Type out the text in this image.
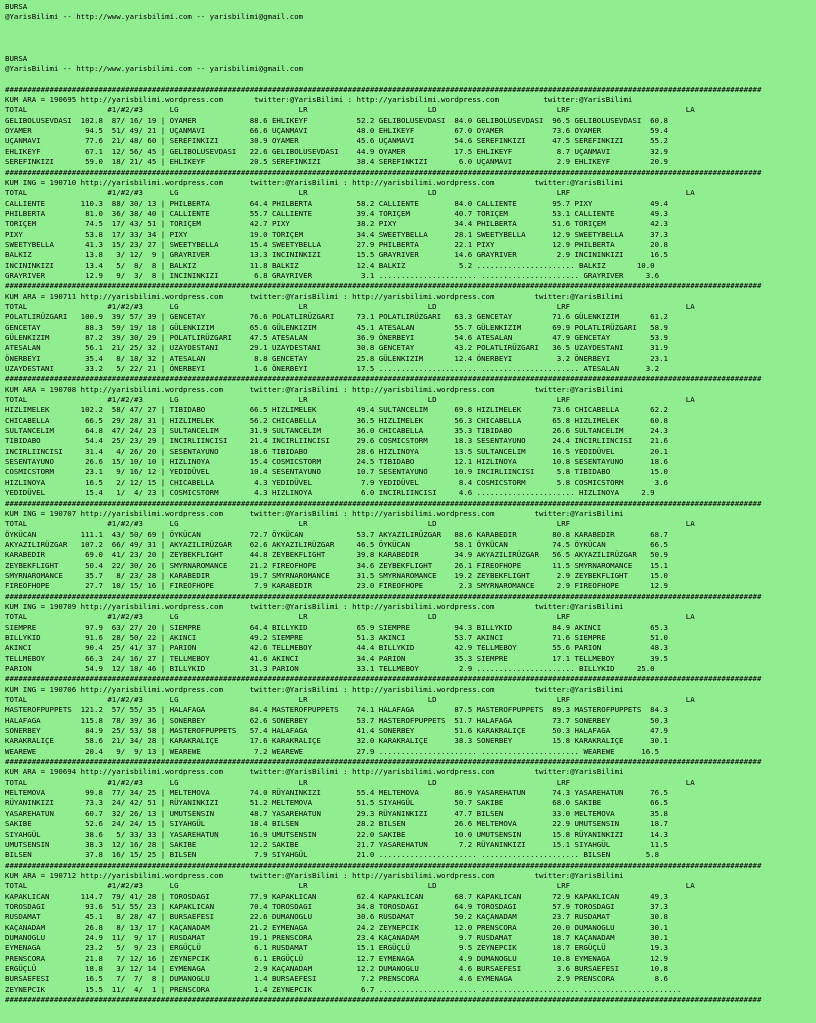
BURSA
@YarisBilimi -- http://www.yarisbilimi.com -- yarisbilimi@gmail.com
BURSA
@YarisBilimi -- http://www.yarisbilimi.com -- yarisbilimi@gmail.com
##########################################################################################################################################################################
KUM ARA = 190695 http://yarisbilimi.wordpress.com       twitter:@YarisBilimi : http://yarisbilimi.wordpress.com          twitter:@YarisBilimi
TOTAL                  #1/#2/#3      LG                           LR                           LD                           LRF                          LA
GELIBOLUSEVDASI  102.8  87/ 16/ 19 | OYAMER            88.6 EHLIKEYF           52.2 GELIBOLUSEVDASI  84.0 GELIBOLUSEVDASI  96.5 GELIBOLUSEVDASI  60.8
OYAMER            94.5  51/ 49/ 21 | UÇANMAVI          66.6 UÇANMAVI           48.0 EHLIKEYF         67.0 OYAMER           73.6 OYAMER           59.4
UÇANMAVI          77.6  21/ 48/ 60 | SEREFINKIZI       30.9 OYAMER             45.6 UÇANMAVI         54.6 SEREFINKIZI      47.5 SEREFINKIZI      55.2
EHLIKEYF          67.1  12/ 56/ 45 | GELIBOLUSEVDASI   22.6 GELIBOLUSEVDASI    44.9 OYAMER           17.5 EHLIKEYF          8.7 UÇANMAVI         32.9
SEREFINKIZI       59.0  18/ 21/ 45 | EHLIKEYF          20.5 SEREFINKIZI        38.4 SEREFINKIZI       6.0 UÇANMAVI          2.9 EHLIKEYF         20.9
##########################################################################################################################################################################
KUM ING = 190710 http://yarisbilimi.wordpress.com      twitter:@YarisBilimi : http://yarisbilimi.wordpress.com         twitter:@YarisBilimi
TOTAL                  #1/#2/#3      LG                           LR                           LD                           LRF                          LA
CALLIENTE        110.3  88/ 30/ 13 | PHILBERTA         64.4 PHILBERTA          58.2 CALLIENTE        84.0 CALLIENTE        95.7 PIXY             49.4
PHILBERTA         81.0  36/ 38/ 40 | CALLIENTE         55.7 CALLIENTE          39.4 TORIÇEM          40.7 TORIÇEM          53.1 CALLIENTE        49.3
TORIÇEM           74.5  17/ 43/ 51 | TORIÇEM           42.7 PIXY               38.2 PIXY             34.4 PHILBERTA        51.6 TORIÇEM          42.3
PIXY              53.8  17/ 33/ 34 | PIXY              19.0 TORIÇEM            34.4 SWEETYBELLA      28.1 SWEETYBELLA      12.9 SWEETYBELLA      37.3
SWEETYBELLA       41.3  15/ 23/ 27 | SWEETYBELLA       15.4 SWEETYBELLA        27.9 PHILBERTA        22.1 PIXY             12.9 PHILBERTA        20.8
BALKIZ            13.8   3/ 12/  9 | GRAYRIVER         13.3 INCININKIZI        15.5 GRAYRIVER        14.6 GRAYRIVER         2.9 INCININKIZI      16.5
INCININKIZI       13.4   5/  8/  8 | BALKIZ            11.8 BALKIZ             12.4 BALKIZ            5.2 ...................... BALKIZ       10.0
GRAYRIVER         12.9   9/  3/  8 | INCININKIZI        6.8 GRAYRIVER           3.1 ...................... ...................... GRAYRIVER     3.6
##########################################################################################################################################################################
KUM ARA = 190711 http://yarisbilimi.wordpress.com      twitter:@YarisBilimi : http://yarisbilimi.wordpress.com         twitter:@YarisBilimi
TOTAL                  #1/#2/#3      LG                           LR                           LD                           LRF                          LA
POLATLIRÜZGARI   100.9  39/ 57/ 39 | GENCETAY          76.6 POLATLIRÜZGARI     73.1 POLATLIRÜZGARI   63.3 GENCETAY         71.6 GÜLENKIZIM       61.2
GENCETAY          88.3  59/ 19/ 18 | GÜLENKIZIM        65.6 GÜLENKIZIM         45.1 ATESALAN         55.7 GÜLENKIZIM       69.9 POLATLIRÜZGARI   58.9
GÜLENKIZIM        87.2  39/ 30/ 29 | POLATLIRÜZGARI    47.5 ATESALAN           36.9 ÖNERBEYI         54.6 ATESALAN         47.9 GENCETAY         53.9
ATESALAN          56.1  21/ 25/ 32 | UZAYDESTANI       29.1 UZAYDESTANI        30.8 GENCETAY         43.2 POLATLIRÜZGARI   36.5 UZAYDESTANI      31.9
ÖNERBEYI          35.4   8/ 18/ 32 | ATESALAN           8.8 GENCETAY           25.8 GÜLENKIZIM       12.4 ÖNERBEYI          3.2 ÖNERBEYI         23.1
UZAYDESTANI       33.2   5/ 22/ 21 | ÖNERBEYI           1.6 ÖNERBEYI           17.5 ...................... ...................... ATESALAN      3.2
##########################################################################################################################################################################
KUM ARA = 190708 http://yarisbilimi.wordpress.com      twitter:@YarisBilimi : http://yarisbilimi.wordpress.com         twitter:@YarisBilimi
TOTAL                  #1/#2/#3      LG                           LR                           LD                           LRF                          LA
HIZLIMELEK       102.2  58/ 47/ 27 | TIBIDABO          66.5 HIZLIMELEK         49.4 SULTANCELIM      69.8 HIZLIMELEK       73.6 CHICABELLA       62.2
CHICABELLA        66.5  29/ 28/ 31 | HIZLIMELEK        56.2 CHICABELLA         36.5 HIZLIMELEK       56.3 CHICABELLA       65.8 HIZLIMELEK       60.8
SULTANCELIM       64.8  47/ 24/ 23 | SULTANCELIM       31.9 SULTANCELIM        36.0 CHICABELLA       35.3 TIBIDABO         26.6 SULTANCELIM      24.3
TIBIDABO          54.4  25/ 23/ 29 | INCIRLIINCISI     21.4 INCIRLIINCISI      29.6 COSMICSTORM      18.3 SESENTAYUNO      24.4 INCIRLIINCISI    21.6
INCIRLIINCISI     31.4   4/ 26/ 20 | SESENTAYUNO       18.6 TIBIDABO           28.6 HIZLINOYA        13.5 SULTANCELIM      16.5 YEDIDÜVEL        20.1
SESENTAYUNO       26.6  15/ 10/ 10 | HIZLINOYA         15.4 COSMICSTORM        24.5 TIBIDABO         12.1 HIZLINOYA        10.8 SESENTAYUNO      18.6
COSMICSTORM       23.1   9/ 16/ 12 | YEDIDÜVEL         10.4 SESENTAYUNO        10.7 SESENTAYUNO      10.9 INCIRLIINCISI     5.8 TIBIDABO         15.0
HIZLINOYA         16.5   2/ 12/ 15 | CHICABELLA         4.3 YEDIDÜVEL           7.9 YEDIDÜVEL         8.4 COSMICSTORM       5.8 COSMICSTORM       3.6
YEDIDÜVEL         15.4   1/  4/ 23 | COSMICSTORM        4.3 HIZLINOYA           6.0 INCIRLIINCISI     4.6 ...................... HIZLINOYA     2.9
##########################################################################################################################################################################
KUM ING = 190707 http://yarisbilimi.wordpress.com      twitter:@YarisBilimi : http://yarisbilimi.wordpress.com         twitter:@YarisBilimi
TOTAL                  #1/#2/#3      LG                           LR                           LD                           LRF                          LA
ÖYKÜCAN          111.1  43/ 50/ 69 | ÖYKÜCAN           72.7 ÖYKÜCAN            53.7 AKYAZILIRÜZGAR   88.6 KARABEDIR        80.8 KARABEDIR        68.7
AKYAZILIRÜZGAR   107.2  66/ 49/ 31 | AKYAZILIRÜZGAR    62.6 AKYAZILIRÜZGAR     46.5 ÖYKÜCAN          58.1 ÖYKÜCAN          74.5 ÖYKÜCAN          66.5
KARABEDIR         69.0  41/ 23/ 20 | ZEYBEKFLIGHT      44.8 ZEYBEKFLIGHT       39.8 KARABEDIR        34.9 AKYAZILIRÜZGAR   56.5 AKYAZILIRÜZGAR   50.9
ZEYBEKFLIGHT      50.4  22/ 30/ 26 | SMYRNAROMANCE     21.2 FIREOFHOPE         34.6 ZEYBEKFLIGHT     26.1 FIREOFHOPE       11.5 SMYRNAROMANCE    15.1
SMYRNAROMANCE     35.7   8/ 23/ 28 | KARABEDIR         19.7 SMYRNAROMANCE      31.5 SMYRNAROMANCE    19.2 ZEYBEKFLIGHT      2.9 ZEYBEKFLIGHT     15.0
FIREOFHOPE        27.7  10/ 15/ 16 | FIREOFHOPE         7.9 KARABEDIR          23.0 FIREOFHOPE        2.3 SMYRNAROMANCE     2.9 FIREOFHOPE       12.9
##########################################################################################################################################################################
KUM ING = 190709 http://yarisbilimi.wordpress.com      twitter:@YarisBilimi : http://yarisbilimi.wordpress.com         twitter:@YarisBilimi
TOTAL                  #1/#2/#3      LG                           LR                           LD                           LRF                          LA
SIEMPRE           97.9  63/ 27/ 20 | SIEMPRE           64.4 BILLYKID           65.9 SIEMPRE          94.3 BILLYKID         84.9 AKINCI           65.3
BILLYKID          91.6  28/ 50/ 22 | AKINCI            49.2 SIEMPRE            51.3 AKINCI           53.7 AKINCI           71.6 SIEMPRE          51.0
AKINCI            90.4  25/ 41/ 37 | PARION            42.6 TELLMEBOY          44.4 BILLYKID         42.9 TELLMEBOY        55.6 PARION           48.3
TELLMEBOY         66.3  24/ 16/ 27 | TELLMEBOY         41.6 AKINCI             34.4 PARION           35.3 SIEMPRE          17.1 TELLMEBOY        39.5
PARION            54.9  12/ 18/ 46 | BILLYKID          31.3 PARION             33.1 TELLMEBOY         2.9 ...................... BILLYKID     25.0
##########################################################################################################################################################################
KUM ING = 190706 http://yarisbilimi.wordpress.com      twitter:@YarisBilimi : http://yarisbilimi.wordpress.com         twitter:@YarisBilimi
TOTAL                  #1/#2/#3      LG                           LR                           LD                           LRF                          LA
MASTEROFPUPPETS  121.2  57/ 55/ 35 | HALAFAGA          84.4 MASTEROFPUPPETS    74.1 HALAFAGA         87.5 MASTEROFPUPPETS  89.3 MASTEROFPUPPETS  84.3
HALAFAGA         115.8  78/ 39/ 36 | SONERBEY          62.6 SONERBEY           53.7 MASTEROFPUPPETS  51.7 HALAFAGA         73.7 SONERBEY         50.3
SONERBEY          84.9  25/ 53/ 58 | MASTEROFPUPPETS   57.4 HALAFAGA           41.4 SONERBEY         51.6 KARAKRALIÇE      50.3 HALAFAGA         47.9
KARAKRALIÇE       58.6  21/ 34/ 28 | KARAKRALIÇE       17.6 KARAKRALIÇE        32.0 KARAKRALIÇE      38.3 SONERBEY         15.8 KARAKRALIÇE      30.1
WEAREWE           20.4   9/  9/ 13 | WEAREWE            7.2 WEAREWE            27.9 ...................... ...................... WEAREWE      16.5
##########################################################################################################################################################################
KUM ARA = 190694 http://yarisbilimi.wordpress.com      twitter:@YarisBilimi : http://yarisbilimi.wordpress.com         twitter:@YarisBilimi
TOTAL                  #1/#2/#3      LG                           LR                           LD                           LRF                          LA
MELTEMOVA         99.8  77/ 34/ 25 | MELTEMOVA         74.0 RÜYANINKIZI        55.4 MELTEMOVA        86.9 YASAREHATUN      74.3 YASAREHATUN      76.5
RÜYANINKIZI       73.3  24/ 42/ 51 | RÜYANINKIZI       51.2 MELTEMOVA          51.5 SIYAHGÜL         50.7 SAKIBE           68.0 SAKIBE           66.5
YASAREHATUN       60.7  32/ 26/ 13 | UMUTSENSIN        48.7 YASAREHATUN        29.3 RÜYANINKIZI      47.7 BILSEN           33.0 MELTEMOVA        35.8
SAKIBE            52.6  24/ 24/ 15 | SIYAHGÜL          18.4 BILSEN             28.2 BILSEN           26.6 MELTEMOVA        22.9 UMUTSENSIN       18.7
SIYAHGÜL          38.6   5/ 33/ 33 | YASAREHATUN       16.9 UMUTSENSIN         22.0 SAKIBE           10.0 UMUTSENSIN       15.8 RÜYANINKIZI      14.3
UMUTSENSIN        38.3  12/ 16/ 28 | SAKIBE            12.2 SAKIBE             21.7 YASAREHATUN       7.2 RÜYANINKIZI      15.1 SIYAHGÜL         11.5
BILSEN            37.8  16/ 15/ 25 | BILSEN             7.9 SIYAHGÜL           21.0 ...................... ...................... BILSEN        5.8
##########################################################################################################################################################################
KUM ARA = 190712 http://yarisbilimi.wordpress.com      twitter:@YarisBilimi : http://yarisbilimi.wordpress.com         twitter:@YarisBilimi
TOTAL                  #1/#2/#3      LG                           LR                           LD                           LRF                          LA
KAPAKLICAN       114.7  79/ 41/ 28 | TOROSDAGI         77.9 KAPAKLICAN         62.4 KAPAKLICAN       68.7 KAPAKLICAN       72.9 KAPAKLICAN       49.3
TOROSDAGI         93.6  51/ 55/ 23 | KAPAKLICAN        70.4 TOROSDAGI          34.8 TOROSDAGI        64.9 TOROSDAGI        57.9 TOROSDAGI        37.3
RUSDAMAT          45.1   8/ 28/ 47 | BURSAEFESI        22.6 DUMANOGLU          30.6 RUSDAMAT         50.2 KAÇANADAM        23.7 RUSDAMAT         30.8
KAÇANADAM         26.8   8/ 13/ 17 | KAÇANADAM         21.2 EYMENAGA           24.2 ZEYNEPCIK        12.0 PRENSCORA        20.0 DUMANOGLU        30.1
DUMANOGLU         24.9  11/  9/ 17 | RUSDAMAT          19.1 PRENSCORA          23.4 KAÇANADAM         9.7 RUSDAMAT         18.7 KAÇANADAM        30.1
EYMENAGA          23.2   5/  9/ 23 | ERGÜÇLÜ            6.1 RUSDAMAT           15.1 ERGÜÇLÜ           9.5 ZEYNEPCIK        18.7 ERGÜÇLÜ          19.3
PRENSCORA         21.8   7/ 12/ 16 | ZEYNEPCIK          6.1 ERGÜÇLÜ            12.7 EYMENAGA          4.9 DUMANOGLU        10.8 EYMENAGA         12.9
ERGÜÇLÜ           18.8   3/ 12/ 14 | EYMENAGA           2.9 KAÇANADAM          12.2 DUMANOGLU         4.6 BURSAEFESI        3.6 BURSAEFESI       10.8
BURSAEFESI        16.5   7/  7/  8 | DUMANOGLU          1.4 BURSAEFESI          7.2 PRENSCORA         4.6 EYMENAGA          2.9 PRENSCORA         8.6
ZEYNEPCIK         15.5  11/  4/  1 | PRENSCORA          1.4 ZEYNEPCIK           6.7 ...................... ...................... ......................
##########################################################################################################################################################################
